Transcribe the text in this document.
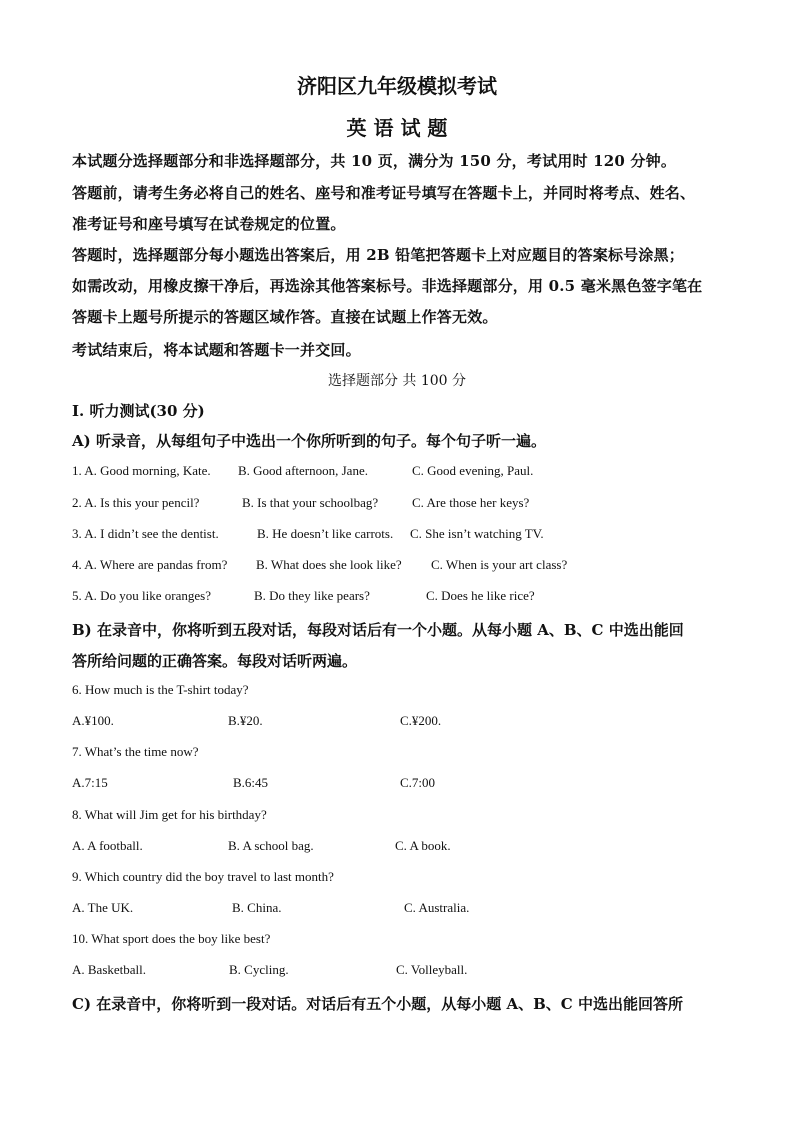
济阳区九年级模拟考试
英 语 试 题
本试题分选择题部分和非选择题部分，共 10 页，满分为 150 分，考试用时 120 分钟。
答题前，请考生务必将自己的姓名、座号和准考证号填写在答题卡上，并同时将考点、姓名、
准考证号和座号填写在试卷规定的位置。
答题时，选择题部分每小题选出答案后，用 2B 铅笔把答题卡上对应题目的答案标号涂黑；
如需改动，用橡皮擦干净后，再选涂其他答案标号。非选择题部分，用 0.5 毫米黑色签字笔在
答题卡上题号所提示的答题区域作答。直接在试题上作答无效。
考试结束后，将本试题和答题卡一并交回。
选择题部分 共 100 分
I. 听力测试(30 分)
A) 听录音，从每组句子中选出一个你所听到的句子。每个句子听一遍。
1. A. Good morning, Kate. B. Good afternoon, Jane.	C. Good evening, Paul.
2. A. Is this your pencil?	B. Is that your schoolbag?	C. Are those her keys?
3. A. I didn’t see the dentist.	B. He doesn’t like carrots. C. She isn’t watching TV.
4. A. Where are pandas from? B. What does she look like? C. When is your art class?
5. A. Do you like oranges?	B. Do they like pears?	C. Does he like rice?
B) 在录音中，你将听到五段对话，每段对话后有一个小题。从每小题 A、B、C 中选出能回
答所给问题的正确答案。每段对话听两遍。
6. How much is the T-shirt today?
A.¥100.	B.¥20.	C.¥200.
7. What’s the time now?
A.7:15	B.6:45	C.7:00
8. What will Jim get for his birthday?
A. A football.	B. A school bag.	C. A book.
9. Which country did the boy travel to last month?
A. The UK.	B. China.	C. Australia.
10. What sport does the boy like best?
A. Basketball.	B. Cycling.	C. Volleyball.
C) 在录音中，你将听到一段对话。对话后有五个小题，从每小题 A、B、C 中选出能回答所
